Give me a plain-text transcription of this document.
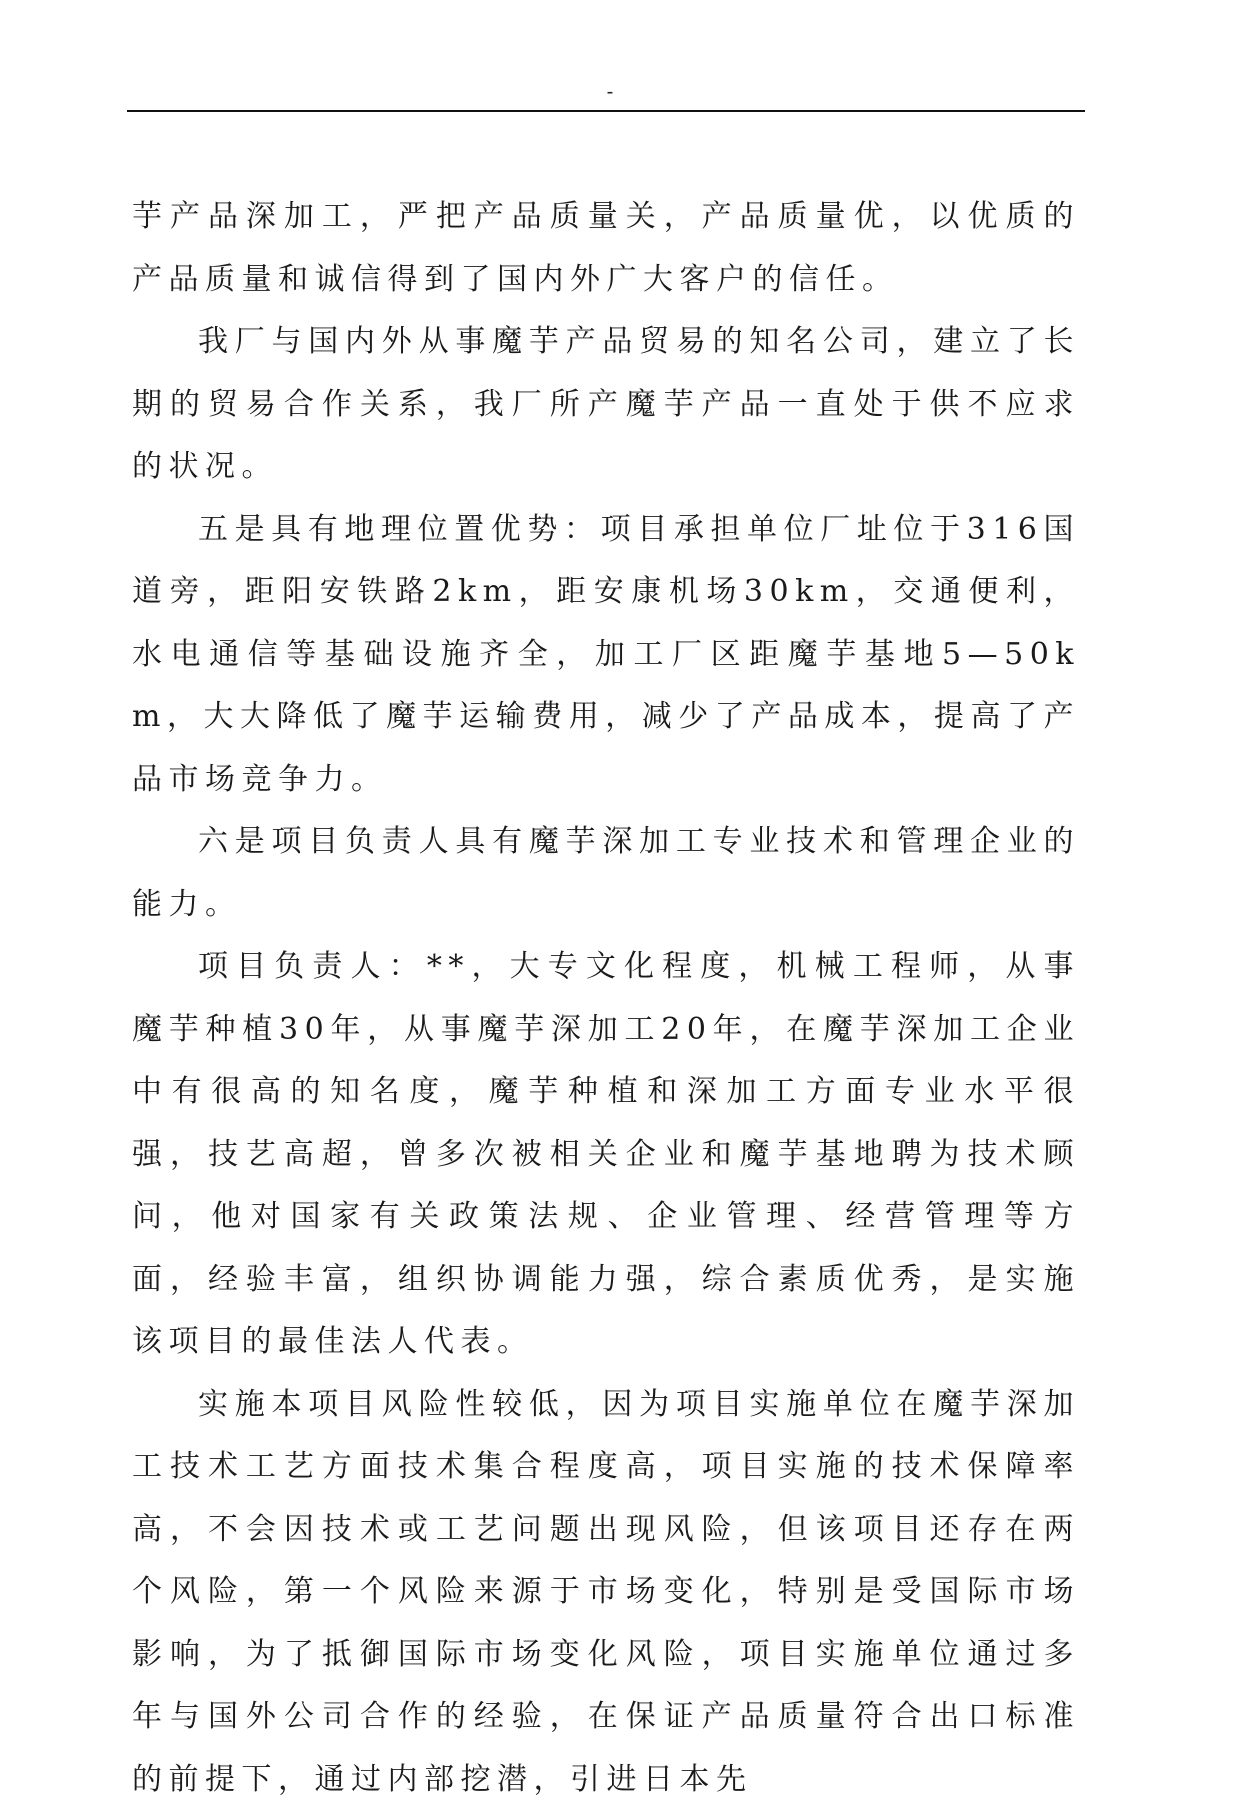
-

芋产品深加工，严把产品质量关，产品质量优，以优质的产品质量和诚信得到了国内外广大客户的信任。

我厂与国内外从事魔芋产品贸易的知名公司，建立了长期的贸易合作关系，我厂所产魔芋产品一直处于供不应求的状况。

五是具有地理位置优势：项目承担单位厂址位于316国道旁，距阳安铁路2km，距安康机场30km，交通便利，水电通信等基础设施齐全，加工厂区距魔芋基地5—50km，大大降低了魔芋运输费用，减少了产品成本，提高了产品市场竞争力。

六是项目负责人具有魔芋深加工专业技术和管理企业的能力。

项目负责人：**，大专文化程度，机械工程师，从事魔芋种植30年，从事魔芋深加工20年，在魔芋深加工企业中有很高的知名度，魔芋种植和深加工方面专业水平很强，技艺高超，曾多次被相关企业和魔芋基地聘为技术顾问，他对国家有关政策法规、企业管理、经营管理等方面，经验丰富，组织协调能力强，综合素质优秀，是实施该项目的最佳法人代表。

实施本项目风险性较低，因为项目实施单位在魔芋深加工技术工艺方面技术集合程度高，项目实施的技术保障率高，不会因技术或工艺问题出现风险，但该项目还存在两个风险，第一个风险来源于市场变化，特别是受国际市场影响，为了抵御国际市场变化风险，项目实施单位通过多年与国外公司合作的经验，在保证产品质量符合出口标准的前提下，通过内部挖潜，引进日本先
